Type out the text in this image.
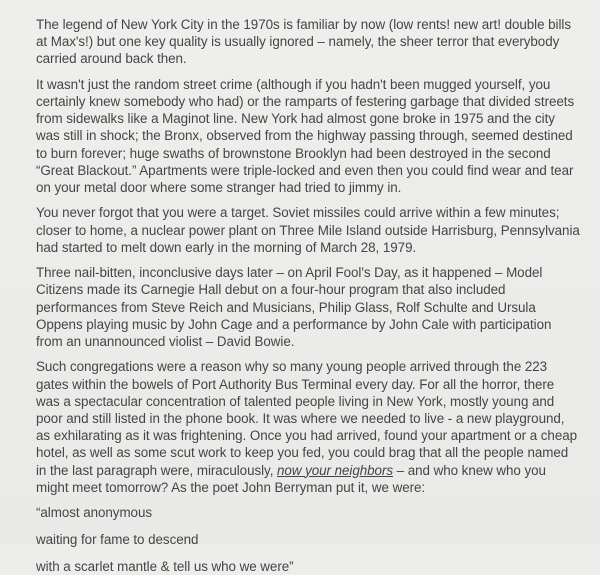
The legend of New York City in the 1970s is familiar by now (low rents! new art! double bills at Max's!) but one key quality is usually ignored – namely, the sheer terror that everybody carried around back then.

It wasn't just the random street crime (although if you hadn't been mugged yourself, you certainly knew somebody who had) or the ramparts of festering garbage that divided streets from sidewalks like a Maginot line. New York had almost gone broke in 1975 and the city was still in shock; the Bronx, observed from the highway passing through, seemed destined to burn forever; huge swaths of brownstone Brooklyn had been destroyed in the second “Great Blackout.” Apartments were triple-locked and even then you could find wear and tear on your metal door where some stranger had tried to jimmy in.

You never forgot that you were a target. Soviet missiles could arrive within a few minutes; closer to home, a nuclear power plant on Three Mile Island outside Harrisburg, Pennsylvania had started to melt down early in the morning of March 28, 1979.

Three nail-bitten, inconclusive days later – on April Fool's Day, as it happened – Model Citizens made its Carnegie Hall debut on a four-hour program that also included performances from Steve Reich and Musicians, Philip Glass, Rolf Schulte and Ursula Oppens playing music by John Cage and a performance by John Cale with participation from an unannounced violist – David Bowie.

Such congregations were a reason why so many young people arrived through the 223 gates within the bowels of Port Authority Bus Terminal every day. For all the horror, there was a spectacular concentration of talented people living in New York, mostly young and poor and still listed in the phone book. It was where we needed to live - a new playground, as exhilarating as it was frightening. Once you had arrived, found your apartment or a cheap hotel, as well as some scut work to keep you fed, you could brag that all the people named in the last paragraph were, miraculously, now your neighbors – and who knew who you might meet tomorrow? As the poet John Berryman put it, we were:

“almost anonymous

waiting for fame to descend

with a scarlet mantle & tell us who we were”
